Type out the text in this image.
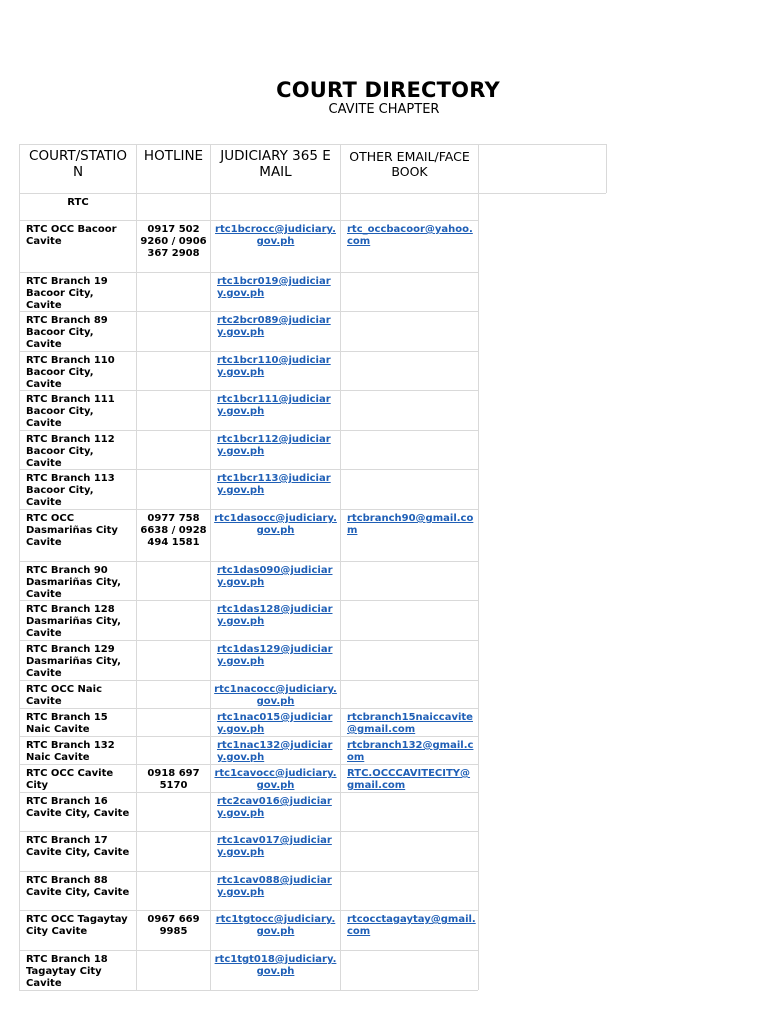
COURT DIRECTORY
CAVITE CHAPTER
COURT/STATION
HOTLINE	JUDICIARY 365 EMAIL
OTHER EMAIL/FACEBOOK
RTC
RTC OCC Bacoor Cavite
0917 502 9260 / 0906 367 2908
rtc1bcrocc@judiciary.gov.ph
rtc_occbacoor@yahoo.com
RTC Branch 19 Bacoor City, Cavite
rtc1bcr019@judiciary.gov.ph
RTC Branch 89 Bacoor City, Cavite
rtc2bcr089@judiciary.gov.ph
RTC Branch 110 Bacoor City, Cavite
rtc1bcr110@judiciary.gov.ph
RTC Branch 111 Bacoor City, Cavite
rtc1bcr111@judiciary.gov.ph
RTC Branch 112 Bacoor City, Cavite
rtc1bcr112@judiciary.gov.ph
RTC Branch 113 Bacoor City, Cavite
rtc1bcr113@judiciary.gov.ph
RTC OCC Dasmariñas City Cavite
0977 758 6638 / 0928 494 1581
rtc1dasocc@judiciary.gov.ph
rtcbranch90@gmail.com
RTC Branch 90 Dasmariñas City, Cavite
rtc1das090@judiciary.gov.ph
RTC Branch 128 Dasmariñas City, Cavite
rtc1das128@judiciary.gov.ph
RTC Branch 129 Dasmariñas City, Cavite
rtc1das129@judiciary.gov.ph
RTC OCC Naic Cavite
rtc1nacocc@judiciary.gov.ph
RTC Branch 15 Naic Cavite
rtc1nac015@judiciary.gov.ph
rtcbranch15naiccavite@gmail.com
RTC Branch 132 Naic Cavite
rtc1nac132@judiciary.gov.ph
rtcbranch132@gmail.com
RTC OCC Cavite City
0918 697 5170
rtc1cavocc@judiciary.gov.ph
RTC.OCCCAVITECITY@gmail.com
RTC Branch 16 Cavite City, Cavite
rtc2cav016@judiciary.gov.ph
RTC Branch 17 Cavite City, Cavite
rtc1cav017@judiciary.gov.ph
RTC Branch 88 Cavite City, Cavite
rtc1cav088@judiciary.gov.ph
RTC OCC Tagaytay City Cavite
0967 669 9985
rtc1tgtocc@judiciary.gov.ph
rtcocctagaytay@gmail.com
RTC Branch 18 Tagaytay City Cavite
rtc1tgt018@judiciary.gov.ph
